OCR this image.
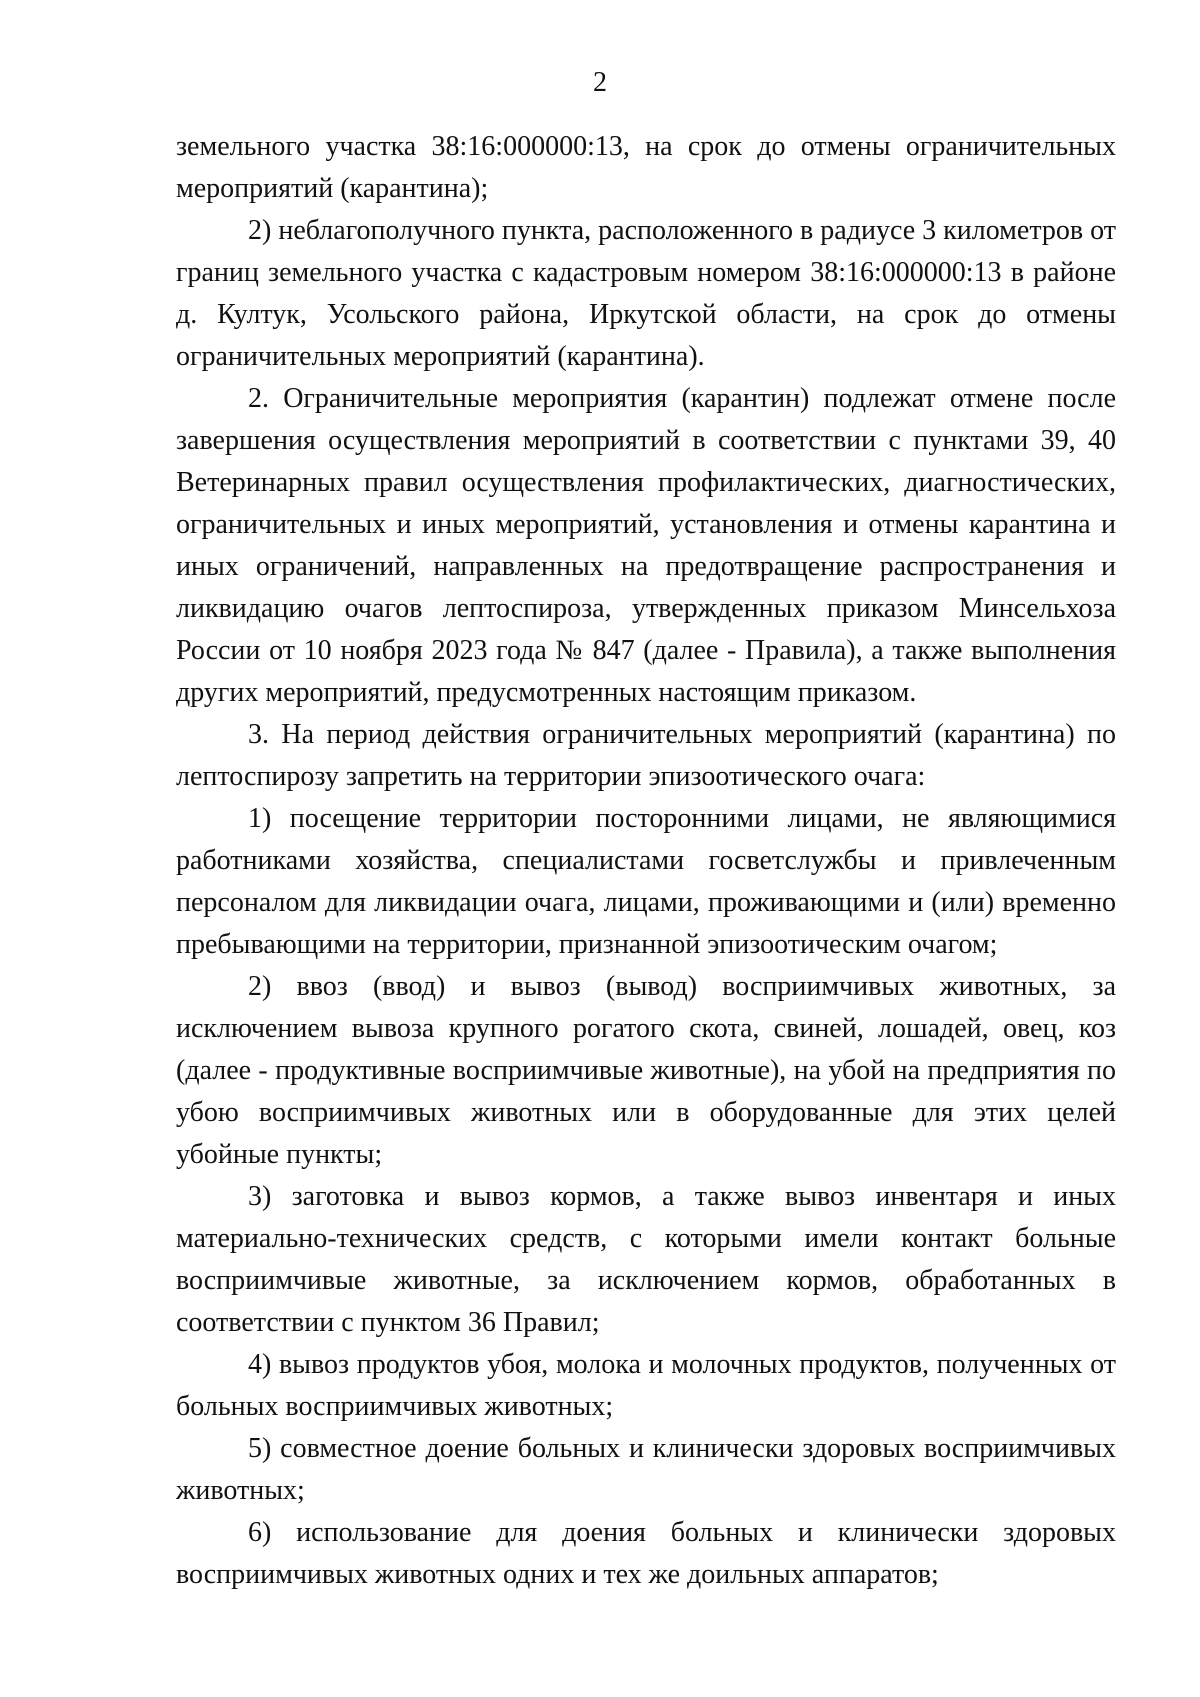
2

земельного участка 38:16:000000:13, на срок до отмены ограничительных мероприятий (карантина);

2) неблагополучного пункта, расположенного в радиусе 3 километров от границ земельного участка с кадастровым номером 38:16:000000:13 в районе д. Култук, Усольского района, Иркутской области, на срок до отмены ограничительных мероприятий (карантина).

2. Ограничительные мероприятия (карантин) подлежат отмене после завершения осуществления мероприятий в соответствии с пунктами 39, 40 Ветеринарных правил осуществления профилактических, диагностических, ограничительных и иных мероприятий, установления и отмены карантина и иных ограничений, направленных на предотвращение распространения и ликвидацию очагов лептоспироза, утвержденных приказом Минсельхоза России от 10 ноября 2023 года № 847 (далее - Правила), а также выполнения других мероприятий, предусмотренных настоящим приказом.

3. На период действия ограничительных мероприятий (карантина) по лептоспирозу запретить на территории эпизоотического очага:

1) посещение территории посторонними лицами, не являющимися работниками хозяйства, специалистами госветслужбы и привлеченным персоналом для ликвидации очага, лицами, проживающими и (или) временно пребывающими на территории, признанной эпизоотическим очагом;

2) ввоз (ввод) и вывоз (вывод) восприимчивых животных, за исключением вывоза крупного рогатого скота, свиней, лошадей, овец, коз (далее - продуктивные восприимчивые животные), на убой на предприятия по убою восприимчивых животных или в оборудованные для этих целей убойные пункты;

3) заготовка и вывоз кормов, а также вывоз инвентаря и иных материально-технических средств, с которыми имели контакт больные восприимчивые животные, за исключением кормов, обработанных в соответствии с пунктом 36 Правил;

4) вывоз продуктов убоя, молока и молочных продуктов, полученных от больных восприимчивых животных;

5) совместное доение больных и клинически здоровых восприимчивых животных;

6) использование для доения больных и клинически здоровых восприимчивых животных одних и тех же доильных аппаратов;
